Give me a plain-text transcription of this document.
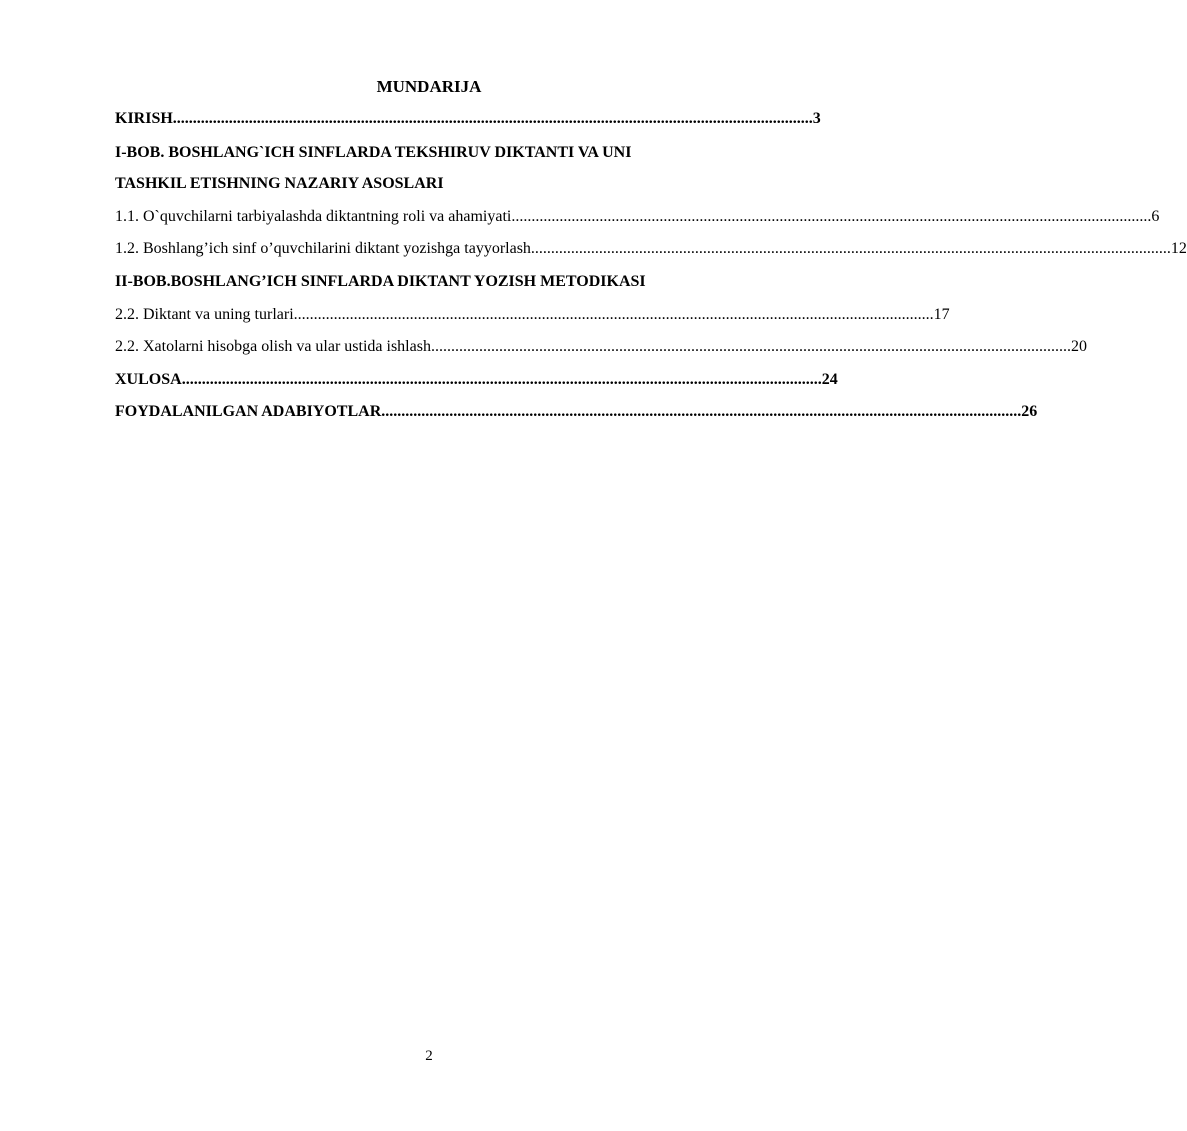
MUNDARIJA
KIRISH ................................................................................................................................................................ 3
I-BOB. BOSHLANG`ICH SINFLARDA TEKSHIRUV DIKTANTI VA UNI
TASHKIL ETISHNING NAZARIY ASOSLARI
1.1. O`quvchilarni tarbiyalashda diktantning roli va ahamiyati ................................................................................................................................................................ 6
1.2. Boshlang’ich sinf o’quvchilarini diktant yozishga tayyorlash ................................................................................................................................................................ 12
II-BOB.BOSHLANG’ICH SINFLARDA DIKTANT YOZISH METODIKASI
2.2. Diktant va uning turlari ................................................................................................................................................................ 17
2.2. Xatolarni hisobga olish va ular ustida ishlash ................................................................................................................................................................ 20
XULOSA ................................................................................................................................................................ 24
FOYDALANILGAN ADABIYOTLAR ................................................................................................................................................................ 26
2
